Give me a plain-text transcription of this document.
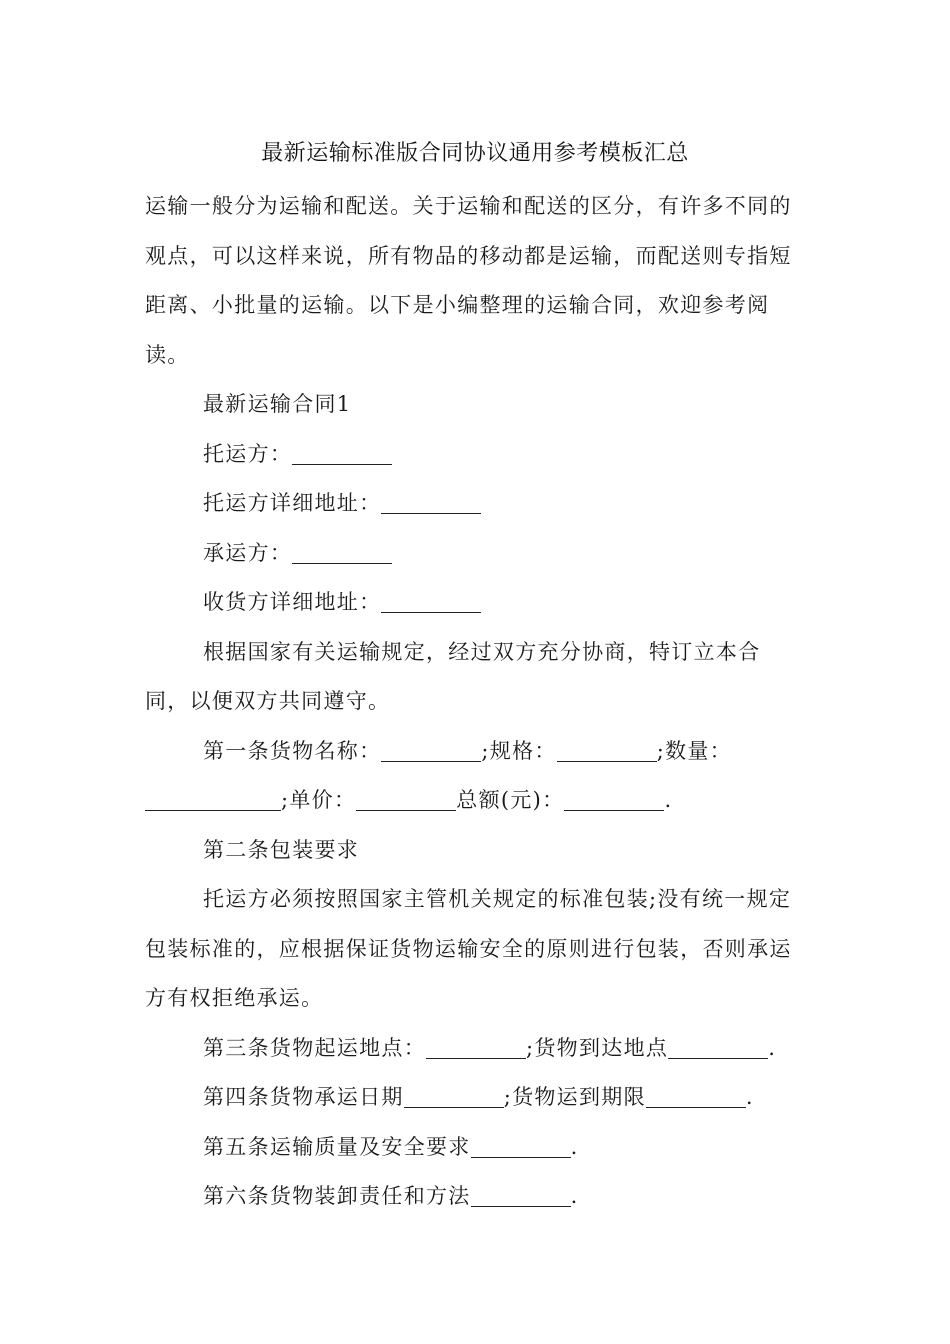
最新运输标准版合同协议通用参考模板汇总

运输一般分为运输和配送。关于运输和配送的区分，有许多不同的观点，可以这样来说，所有物品的移动都是运输，而配送则专指短距离、小批量的运输。以下是小编整理的运输合同，欢迎参考阅读。

最新运输合同1

托运方：

托运方详细地址：

承运方：

收货方详细地址：

根据国家有关运输规定，经过双方充分协商，特订立本合同，以便双方共同遵守。

第一条货物名称：	;规格：	;数量：;单价：	总额(元)：	.

第二条包装要求

托运方必须按照国家主管机关规定的标准包装;没有统一规定包装标准的，应根据保证货物运输安全的原则进行包装，否则承运方有权拒绝承运。

第三条货物起运地点：	;货物到达地点	.

第四条货物承运日期	;货物运到期限	.

第五条运输质量及安全要求	.

第六条货物装卸责任和方法	.
